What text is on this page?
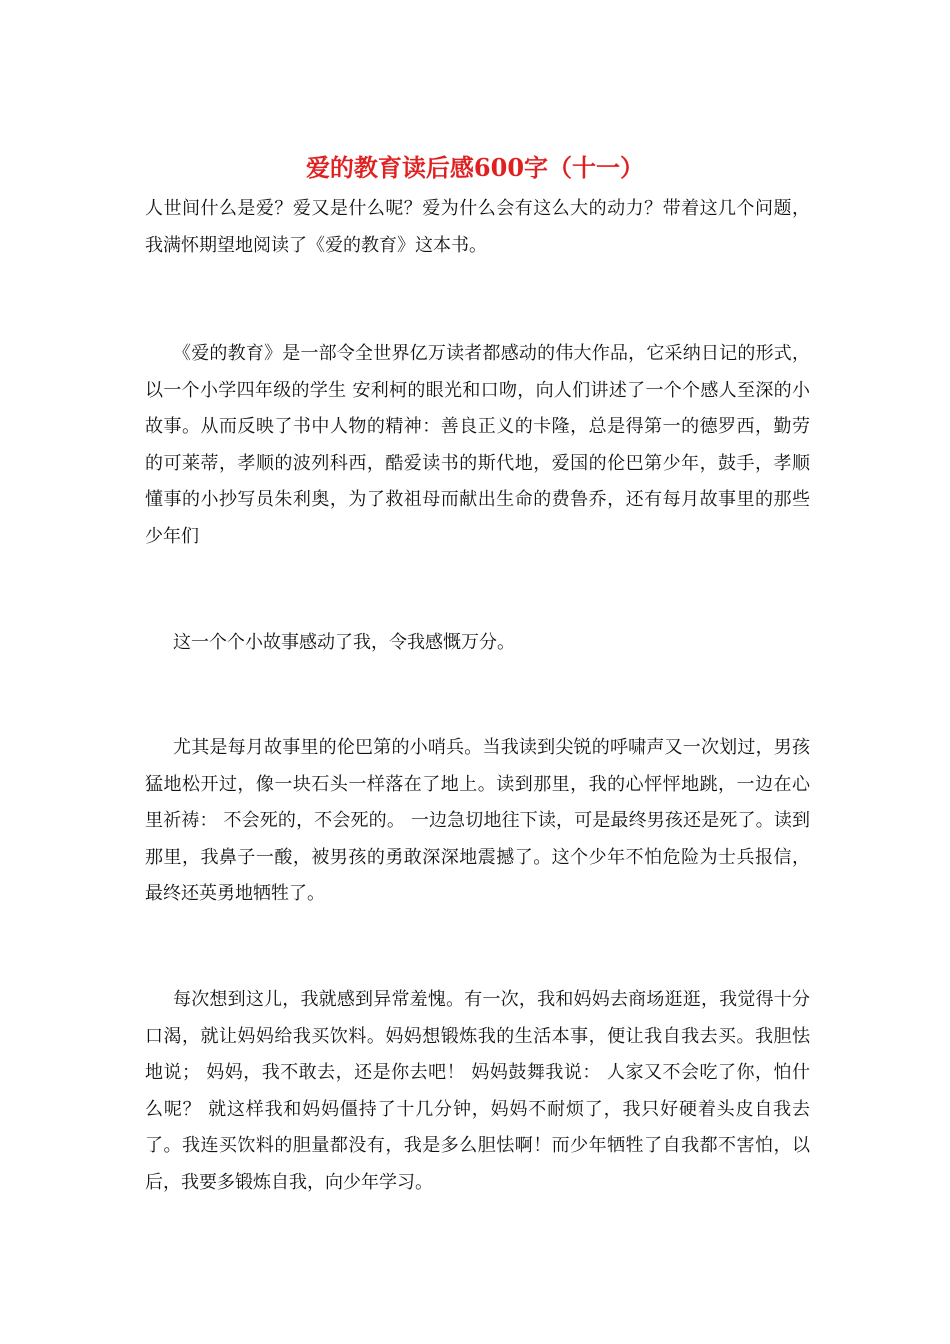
爱的教育读后感600字（十一）

人世间什么是爱？爱又是什么呢？爱为什么会有这么大的动力？带着这几个问题，我满怀期望地阅读了《爱的教育》这本书。

《爱的教育》是一部令全世界亿万读者都感动的伟大作品，它采纳日记的形式，以一个小学四年级的学生 安利柯的眼光和口吻，向人们讲述了一个个感人至深的小故事。从而反映了书中人物的精神：善良正义的卡隆，总是得第一的德罗西，勤劳的可莱蒂，孝顺的波列科西，酷爱读书的斯代地，爱国的伦巴第少年，鼓手，孝顺懂事的小抄写员朱利奥，为了救祖母而献出生命的费鲁乔，还有每月故事里的那些少年们

这一个个小故事感动了我，令我感慨万分。

尤其是每月故事里的伦巴第的小哨兵。当我读到尖锐的呼啸声又一次划过，男孩猛地松开过，像一块石头一样落在了地上。读到那里，我的心怦怦地跳，一边在心里祈祷： 不会死的，不会死的。 一边急切地往下读，可是最终男孩还是死了。读到那里，我鼻子一酸，被男孩的勇敢深深地震撼了。这个少年不怕危险为士兵报信，最终还英勇地牺牲了。

每次想到这儿，我就感到异常羞愧。有一次，我和妈妈去商场逛逛，我觉得十分口渴，就让妈妈给我买饮料。妈妈想锻炼我的生活本事，便让我自我去买。我胆怯地说； 妈妈，我不敢去，还是你去吧！ 妈妈鼓舞我说： 人家又不会吃了你，怕什么呢？ 就这样我和妈妈僵持了十几分钟，妈妈不耐烦了，我只好硬着头皮自我去了。我连买饮料的胆量都没有，我是多么胆怯啊！而少年牺牲了自我都不害怕，以后，我要多锻炼自我，向少年学习。
